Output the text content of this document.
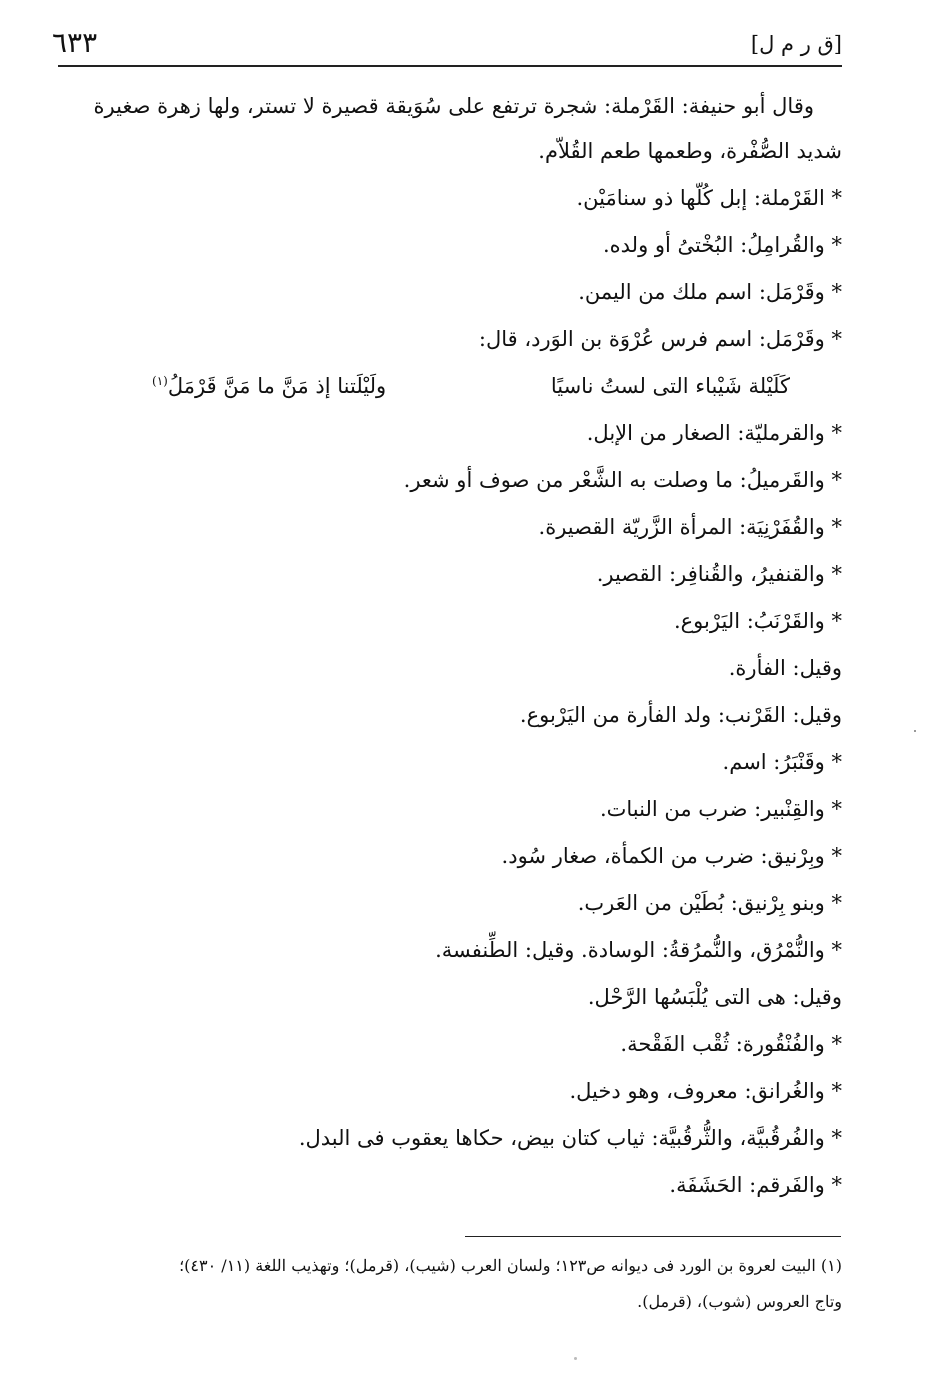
[ق ر م ل]
٦٣٣
وقال أبو حنيفة: القَرْملة: شجرة ترتفع على سُوَيقة قصيرة لا تستر، ولها زهرة صغيرة
شديد الصُّفْرة، وطعمها طعم القُلاّم.
* القَرْملة: إبل كُلّها ذو سنامَيْن.
* والقُرامِلُ: البُخْتىُ أو ولده.
* وقَرْمَل: اسم ملك من اليمن.
* وقَرْمَل: اسم فرس عُرْوَة بن الوَرد، قال:
كَلَيْلة شَيْباء التى لستُ ناسيًا
ولَيْلَتنا إذ مَنَّ ما مَنَّ قَرْمَلُ$^{(١)}$
* والقرمليّة: الصغار من الإبل.
* والقَرميلُ: ما وصلت به الشَّعْر من صوف أو شعر.
* والقُفَرْنِيَة: المرأة الزَّريّة القصيرة.
* والقنفيرُ، والقُنافِر: القصير.
* والقَرْنَبُ: اليَرْبوع.
وقيل: الفأرة.
وقيل: القَرْنب: ولد الفأرة من اليَرْبوع.
* وقَنْبَرُ: اسم.
* والقِنْبير: ضرب من النبات.
* وبِرْنيق: ضرب من الكمأة، صغار سُود.
* وبنو بِرْنيق: بُطَيْن من العَرب.
* والنُّمْرُق، والنُّمرُقةُ: الوسادة. وقيل: الطِّنفسة.
وقيل: هى التى يُلْبَسُها الرَّحْل.
* والفُنْقُورة: ثُقْب الفَقْحة.
* والغُرانق: معروف، وهو دخيل.
* والفُرقُبيَّة، والثُّرقُبيَّة: ثياب كتان بيض، حكاها يعقوب فى البدل.
* والفَرقم: الحَشَفَة.
(١) البيت لعروة بن الورد فى ديوانه ص١٢٣؛ ولسان العرب (شيب)، (قرمل)؛ وتهذيب اللغة (١١/ ٤٣٠)؛
وتاج العروس (شوب)، (قرمل).
